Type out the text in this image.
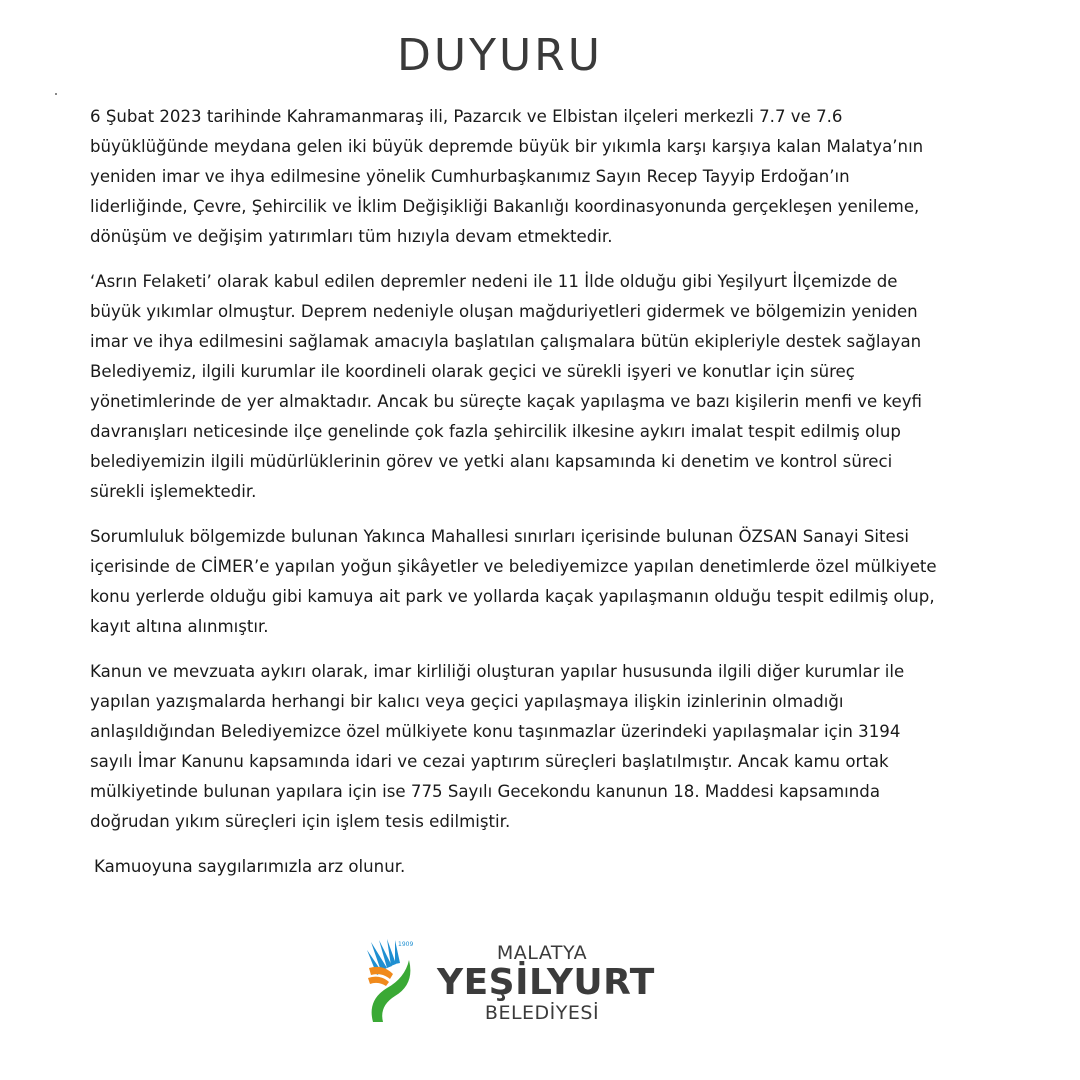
DUYURU
6 Şubat 2023 tarihinde Kahramanmaraş ili, Pazarcık ve Elbistan ilçeleri merkezli 7.7 ve 7.6
büyüklüğünde meydana gelen iki büyük depremde büyük bir yıkımla karşı karşıya kalan Malatya’nın
yeniden imar ve ihya edilmesine yönelik Cumhurbaşkanımız Sayın Recep Tayyip Erdoğan’ın
liderliğinde, Çevre, Şehircilik ve İklim Değişikliği Bakanlığı koordinasyonunda gerçekleşen yenileme,
dönüşüm ve değişim yatırımları tüm hızıyla devam etmektedir.
‘Asrın Felaketi’ olarak kabul edilen depremler nedeni ile 11 İlde olduğu gibi Yeşilyurt İlçemizde de
büyük yıkımlar olmuştur. Deprem nedeniyle oluşan mağduriyetleri gidermek ve bölgemizin yeniden
imar ve ihya edilmesini sağlamak amacıyla başlatılan çalışmalara bütün ekipleriyle destek sağlayan
Belediyemiz, ilgili kurumlar ile koordineli olarak geçici ve sürekli işyeri ve konutlar için süreç
yönetimlerinde de yer almaktadır. Ancak bu süreçte kaçak yapılaşma ve bazı kişilerin menfi ve keyfi
davranışları neticesinde ilçe genelinde çok fazla şehircilik ilkesine aykırı imalat tespit edilmiş olup
belediyemizin ilgili müdürlüklerinin görev ve yetki alanı kapsamında ki denetim ve kontrol süreci
sürekli işlemektedir.
Sorumluluk bölgemizde bulunan Yakınca Mahallesi sınırları içerisinde bulunan ÖZSAN Sanayi Sitesi
içerisinde de CİMER’e yapılan yoğun şikâyetler ve belediyemizce yapılan denetimlerde özel mülkiyete
konu yerlerde olduğu gibi kamuya ait park ve yollarda kaçak yapılaşmanın olduğu tespit edilmiş olup,
kayıt altına alınmıştır.
Kanun ve mevzuata aykırı olarak, imar kirliliği oluşturan yapılar hususunda ilgili diğer kurumlar ile
yapılan yazışmalarda herhangi bir kalıcı veya geçici yapılaşmaya ilişkin izinlerinin olmadığı
anlaşıldığından Belediyemizce özel mülkiyete konu taşınmazlar üzerindeki yapılaşmalar için 3194
sayılı İmar Kanunu kapsamında idari ve cezai yaptırım süreçleri başlatılmıştır. Ancak kamu ortak
mülkiyetinde bulunan yapılara için ise 775 Sayılı Gecekondu kanunun 18. Maddesi kapsamında
doğrudan yıkım süreçleri için işlem tesis edilmiştir.
Kamuoyuna saygılarımızla arz olunur.
1909	MALATYA
YEŞİLYURT
BELEDİYESİ
